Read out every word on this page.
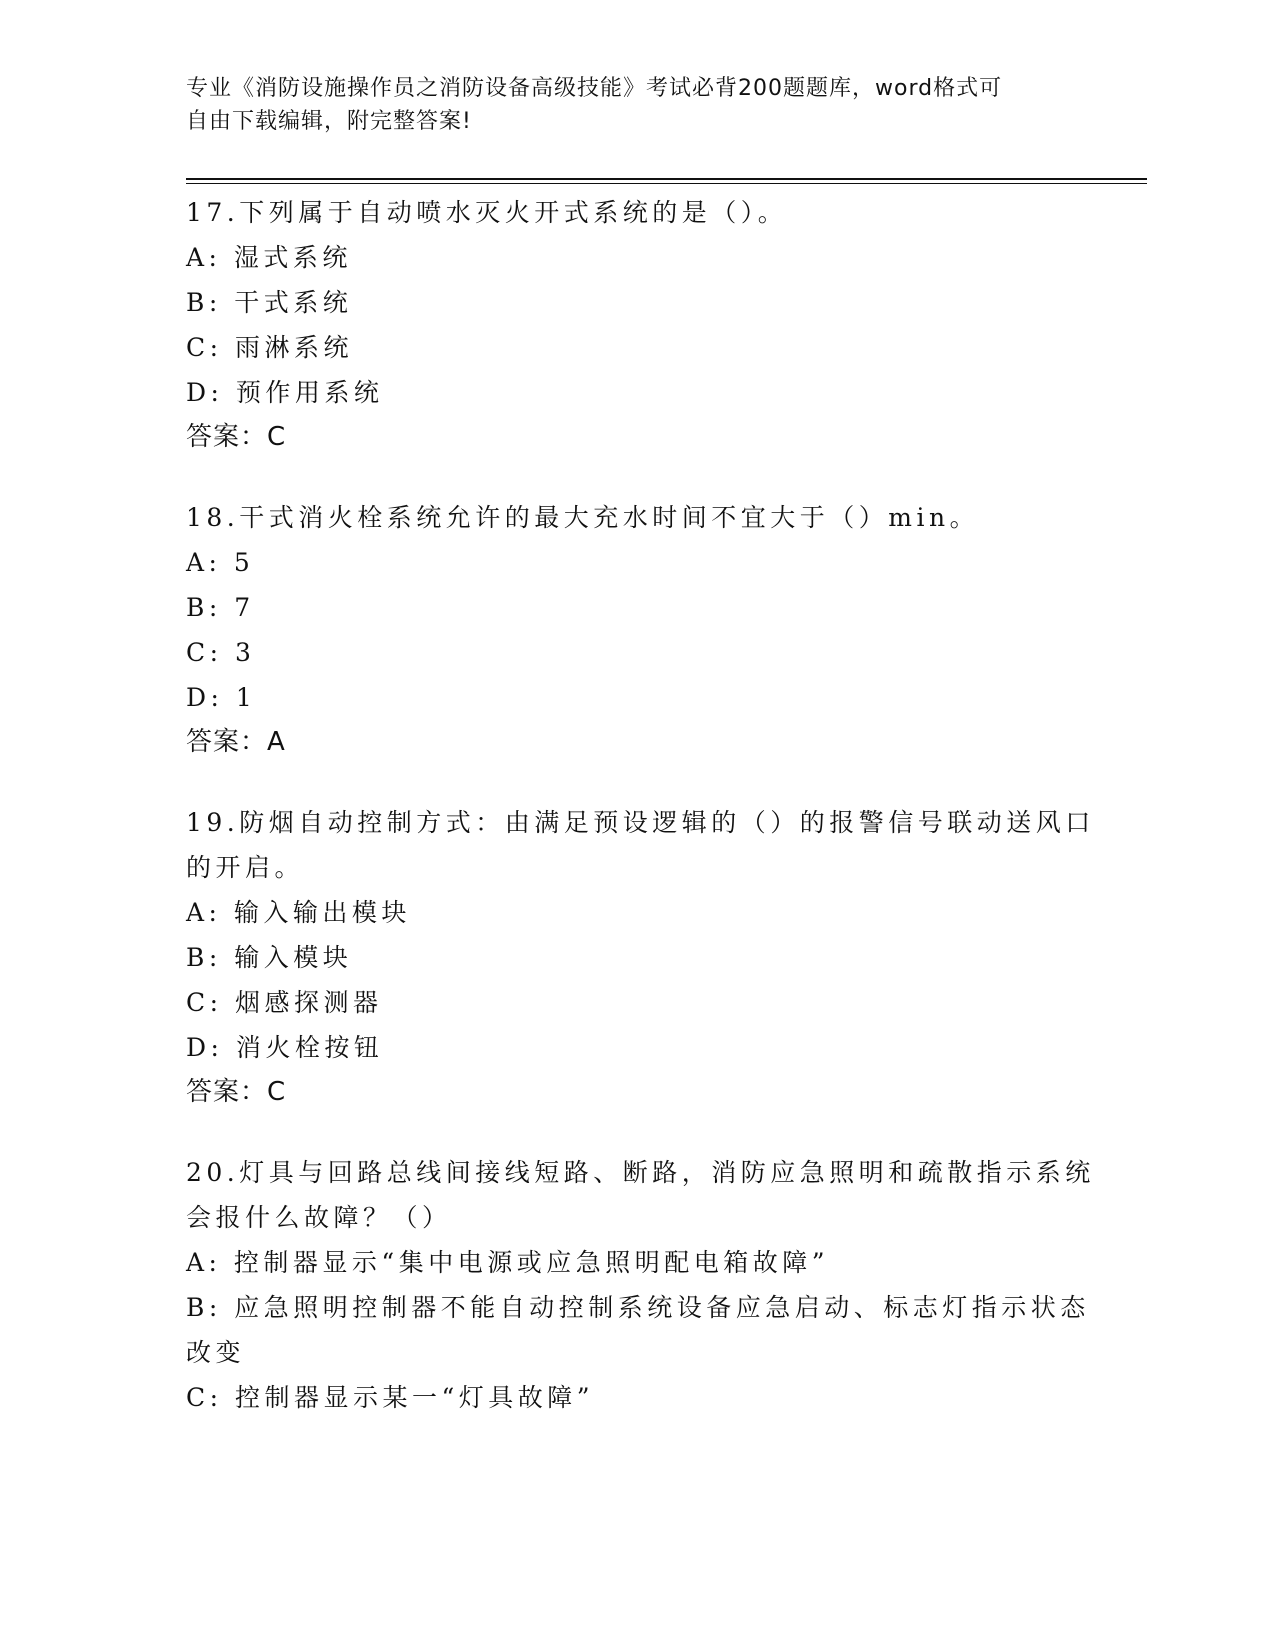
专业《消防设施操作员之消防设备高级技能》考试必背200题题库，word格式可
自由下载编辑，附完整答案!
17.下列属于自动喷水灭火开式系统的是（）。
A: 湿式系统
B: 干式系统
C: 雨淋系统
D: 预作用系统
答案：C
18.干式消火栓系统允许的最大充水时间不宜大于（）min。
A: 5
B: 7
C: 3
D: 1
答案：A
19.防烟自动控制方式：由满足预设逻辑的（）的报警信号联动送风口
的开启。
A: 输入输出模块
B: 输入模块
C: 烟感探测器
D: 消火栓按钮
答案：C
20.灯具与回路总线间接线短路、断路，消防应急照明和疏散指示系统
会报什么故障？（）
A: 控制器显示“集中电源或应急照明配电箱故障”
B: 应急照明控制器不能自动控制系统设备应急启动、标志灯指示状态
改变
C: 控制器显示某一“灯具故障”
